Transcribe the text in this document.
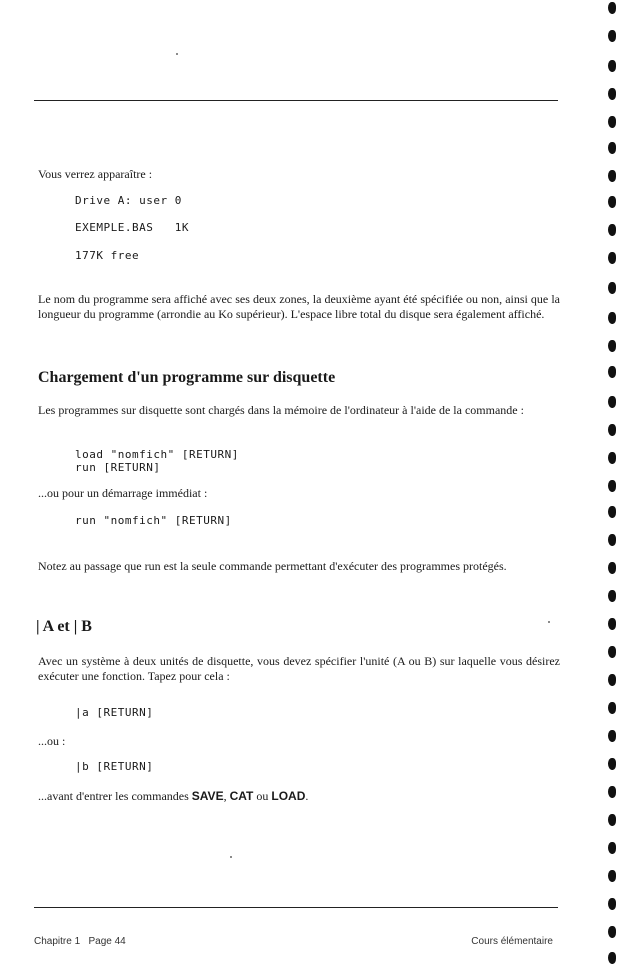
Vous verrez apparaître :
Drive A: user 0
EXEMPLE.BAS   1K
177K free
Le nom du programme sera affiché avec ses deux zones, la deuxième ayant été spécifiée ou non, ainsi que la longueur du programme (arrondie au Ko supérieur). L'espace libre total du disque sera également affiché.
Chargement d'un programme sur disquette
Les programmes sur disquette sont chargés dans la mémoire de l'ordinateur à l'aide de la commande :
load "nomfich" [RETURN]
run [RETURN]
...ou pour un démarrage immédiat :
run "nomfich" [RETURN]
Notez au passage que run est la seule commande permettant d'exécuter des programmes protégés.
| A et | B
Avec un système à deux unités de disquette, vous devez spécifier l'unité (A ou B) sur laquelle vous désirez exécuter une fonction. Tapez pour cela :
|a [RETURN]
...ou :
|b [RETURN]
...avant d'entrer les commandes SAVE, CAT ou LOAD.
Chapitre 1   Page 44	Cours élémentaire
